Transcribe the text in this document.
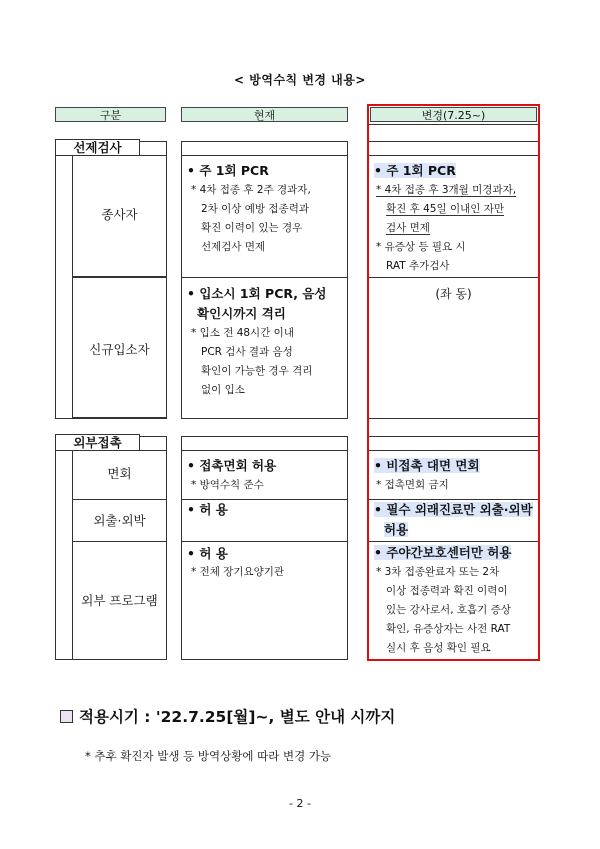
< 방역수칙 변경 내용>
구분	현재	변경(7.25~)
선제검사
종사자
신규입소자
• 주 1회 PCR
* 4차 접종 후 2주 경과자,
2차 이상 예방 접종력과
확진 이력이 있는 경우
선제검사 면제
• 입소시 1회 PCR, 음성
확인시까지 격리
* 입소 전 48시간 이내
PCR 검사 결과 음성
확인이 가능한 경우 격리
없이 입소
• 주 1회 PCR
* 4차 접종 후 3개월 미경과자,
확진 후 45일 이내인 자만
검사 면제
* 유증상 등 필요 시
RAT 추가검사
(좌 동)
외부접촉
면회
외출·외박
외부 프로그램
• 접촉면회 허용
* 방역수칙 준수
• 허 용
• 허 용
* 전체 장기요양기관
• 비접촉 대면 면회
* 접촉면회 금지
• 필수 외래진료만 외출·외박
허용
• 주야간보호센터만 허용
* 3차 접종완료자 또는 2차
이상 접종력과 확진 이력이
있는 강사로서, 호흡기 증상
확인, 유증상자는 사전 RAT
실시 후 음성 확인 필요
적용시기 : '22.7.25[월]~, 별도 안내 시까지
* 추후 확진자 발생 등 방역상황에 따라 변경 가능
- 2 -
